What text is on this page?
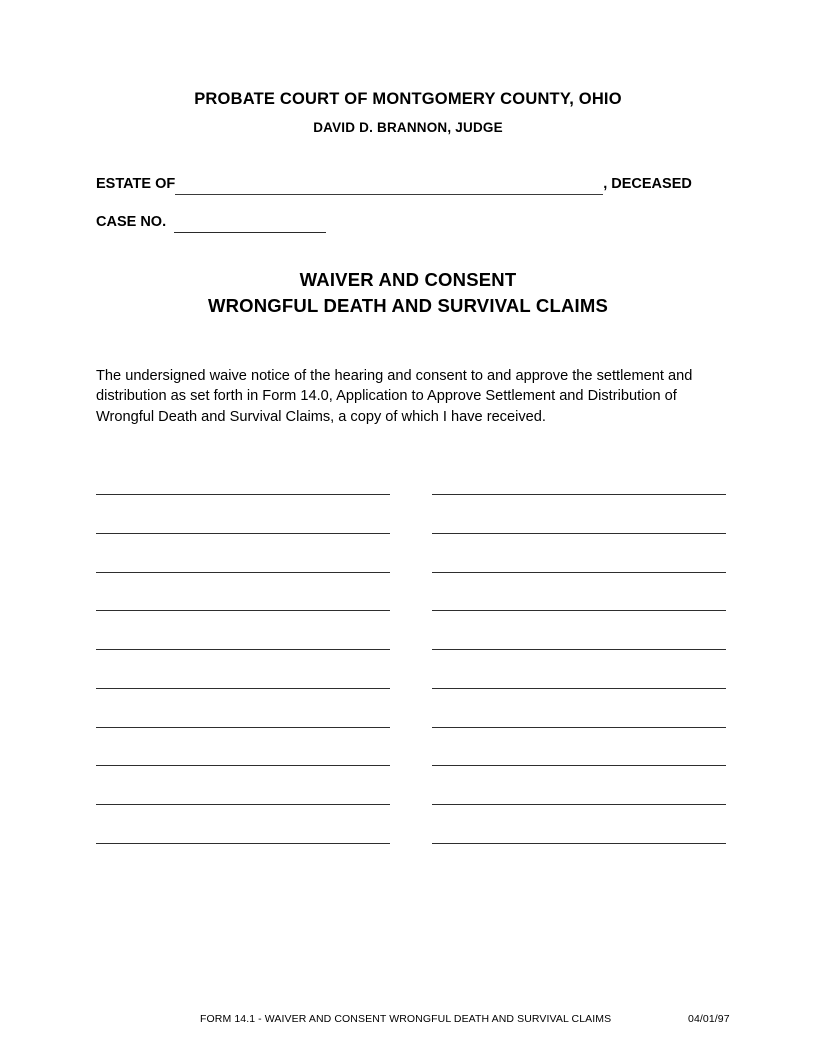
PROBATE COURT OF MONTGOMERY COUNTY, OHIO
DAVID D. BRANNON, JUDGE
ESTATE OF	, DECEASED
CASE NO.
WAIVER AND CONSENT
WRONGFUL DEATH AND SURVIVAL CLAIMS
The undersigned waive notice of the hearing and consent to and approve the settlement and distribution as set forth in Form 14.0, Application to Approve Settlement and Distribution of Wrongful Death and Survival Claims, a copy of which I have received.
FORM 14.1 - WAIVER AND CONSENT WRONGFUL DEATH AND SURVIVAL CLAIMS	04/01/97
